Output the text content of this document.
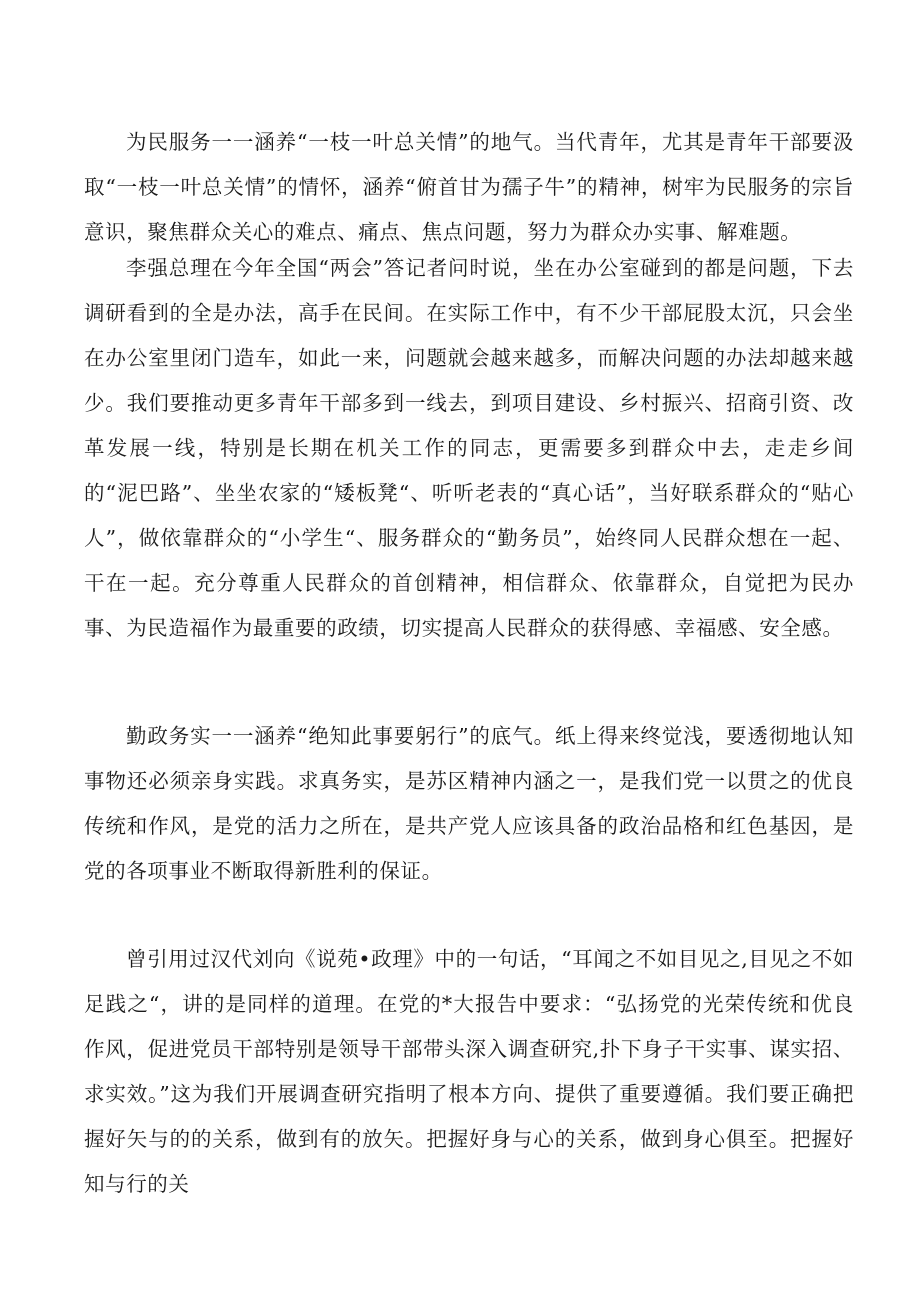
为民服务一一涵养“一枝一叶总关情”的地气。当代青年，尤其是青年干部要汲取“一枝一叶总关情”的情怀，涵养“俯首甘为孺子牛”的精神，树牢为民服务的宗旨意识，聚焦群众关心的难点、痛点、焦点问题，努力为群众办实事、解难题。

李强总理在今年全国“两会”答记者问时说，坐在办公室碰到的都是问题，下去调研看到的全是办法，高手在民间。在实际工作中，有不少干部屁股太沉，只会坐在办公室里闭门造车，如此一来，问题就会越来越多，而解决问题的办法却越来越少。我们要推动更多青年干部多到一线去，到项目建设、乡村振兴、招商引资、改革发展一线，特别是长期在机关工作的同志，更需要多到群众中去，走走乡间的“泥巴路”、坐坐农家的“矮板凳“、听听老表的“真心话”，当好联系群众的“贴心人”，做依靠群众的“小学生“、服务群众的“勤务员”，始终同人民群众想在一起、干在一起。充分尊重人民群众的首创精神，相信群众、依靠群众，自觉把为民办事、为民造福作为最重要的政绩，切实提高人民群众的获得感、幸福感、安全感。

勤政务实一一涵养“绝知此事要躬行”的底气。纸上得来终觉浅，要透彻地认知事物还必须亲身实践。求真务实，是苏区精神内涵之一，是我们党一以贯之的优良传统和作风，是党的活力之所在，是共产党人应该具备的政治品格和红色基因，是党的各项事业不断取得新胜利的保证。

曾引用过汉代刘向《说苑•政理》中的一句话，“耳闻之不如目见之,目见之不如足践之“，讲的是同样的道理。在党的*大报告中要求：“弘扬党的光荣传统和优良作风，促进党员干部特别是领导干部带头深入调查研究,扑下身子干实事、谋实招、求实效。”这为我们开展调查研究指明了根本方向、提供了重要遵循。我们要正确把握好矢与的的关系，做到有的放矢。把握好身与心的关系，做到身心俱至。把握好知与行的关
